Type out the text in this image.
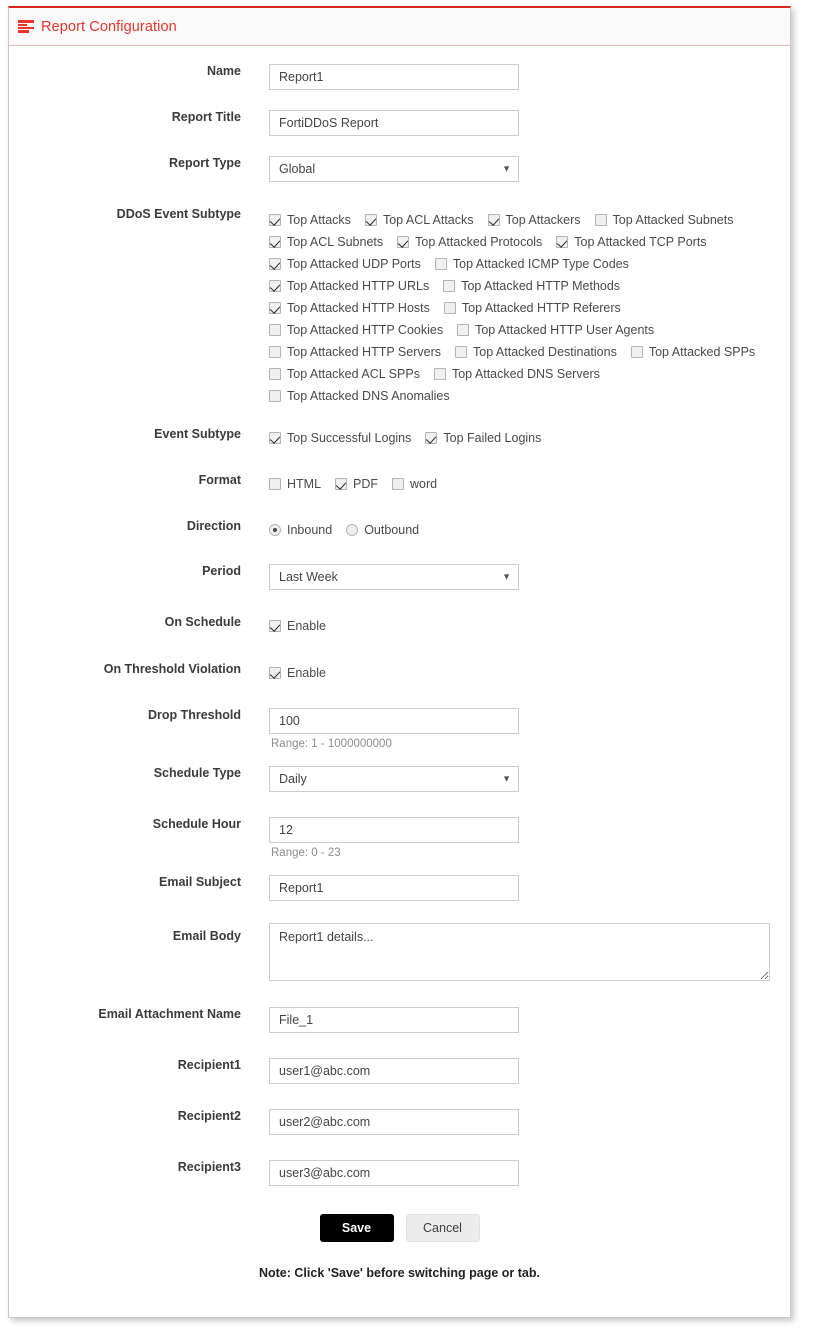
Report Configuration
Name
Report1
Report Title
FortiDDoS Report
Report Type
Global	▼
DDoS Event Subtype	Top Attacks	Top ACL Attacks	Top Attackers	Top Attacked Subnets
Top ACL Subnets	Top Attacked Protocols	Top Attacked TCP Ports
Top Attacked UDP Ports	Top Attacked ICMP Type Codes
Top Attacked HTTP URLs	Top Attacked HTTP Methods
Top Attacked HTTP Hosts	Top Attacked HTTP Referers
Top Attacked HTTP Cookies	Top Attacked HTTP User Agents
Top Attacked HTTP Servers	Top Attacked Destinations	Top Attacked SPPs
Top Attacked ACL SPPs	Top Attacked DNS Servers
Top Attacked DNS Anomalies
Event Subtype	Top Successful Logins	Top Failed Logins
Format	HTML	PDF	word
Direction	Inbound	Outbound
Period
Last Week	▼
On Schedule	Enable
On Threshold Violation	Enable
Drop Threshold
100
Range: 1 - 1000000000
Schedule Type
Daily	▼
Schedule Hour
12
Range: 0 - 23
Email Subject
Report1
Email Body
Report1 details...
Email Attachment Name
File_1
Recipient1
user1@abc.com
Recipient2
user2@abc.com
Recipient3
user3@abc.com
Save	Cancel
Note: Click 'Save' before switching page or tab.
